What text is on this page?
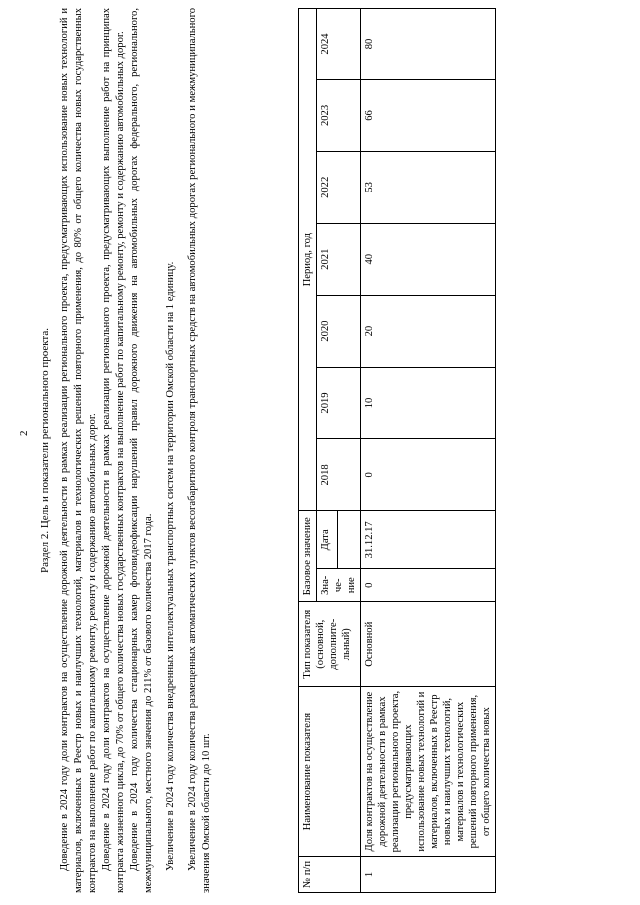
2 Раздел 2. Цель и показатели регионального проекта. Доведение в 2024 году доли контрактов на осуществление дорожной деятельности в рамках реализации регионального проекта, предусматривающих использование новых технологий и материалов, включенных в Реестр новых и наилучших технологий, материалов и технологических решений повторного применения, до 80% от общего количества новых государственных контрактов на выполнение работ по капитальному ремонту, ремонту и содержанию автомобильных дорог. Доведение в 2024 году доли контрактов на осуществление дорожной деятельности в рамках реализации регионального проекта, предусматривающих выполнение работ на принципах контракта жизненного цикла, до 70% от общего количества новых государственных контрактов на выполнение работ по капитальному ремонту, ремонту и содержанию автомобильных дорог. Доведение в 2024 году количества стационарных камер фотовидеофиксации нарушений правил дорожного движения на автомобильных дорогах федерального, регионального, межмуниципального, местного значения до 211% от базового количества 2017 года. Увеличение в 2024 году количества внедренных интеллектуальных транспортных систем на территории Омской области на 1 единицу. Увеличение в 2024 году количества размещенных автоматических пунктов весогабаритного контроля транспортных средств на автомобильных дорогах регионального и межмуниципального значения Омской области до 10 шт.	№ п/п	Наименование показателя	Тип показателя (основной, дополните-льный)	Базовое значение		Период, год						
			Зна-че-ние	Дата	2018	2019	2020	2021	2022	2023	2024

1	Доля контрактов на осуществление дорожной деятельности в рамках реализации регионального проекта, предусматривающих использование новых технологий и материалов, включенных в Реестр новых и наилучших технологий, материалов и технологических решений повторного применения, от общего количества новых	Основной	0	31.12.17	0	10	20	40	53	66	80
